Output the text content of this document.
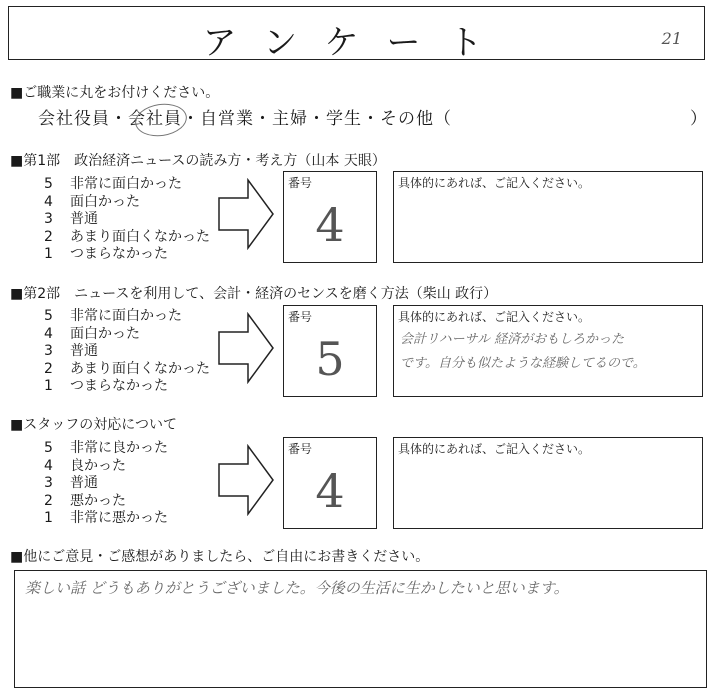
アンケート	21
■ご職業に丸をお付けください。
会社役員・会社員・自営業・主婦・学生・その他（	）
■第1部　政治経済ニュースの読み方・考え方（山本 天眼）
5	非常に面白かった
4	面白かった
3	普通
2	あまり面白くなかった
1	つまらなかった
番号
4
具体的にあれば、ご記入ください。
■第2部　ニュースを利用して、会計・経済のセンスを磨く方法（柴山 政行）
5	非常に面白かった
4	面白かった
3	普通
2	あまり面白くなかった
1	つまらなかった
番号
5
具体的にあれば、ご記入ください。
会計リハーサル 経済がおもしろかった
です。自分も似たような経験してるので。
■スタッフの対応について
5	非常に良かった
4	良かった
3	普通
2	悪かった
1	非常に悪かった
番号
4
具体的にあれば、ご記入ください。
■他にご意見・ご感想がありましたら、ご自由にお書きください。
楽しい話 どうもありがとうございました。今後の生活に生かしたいと思います。
